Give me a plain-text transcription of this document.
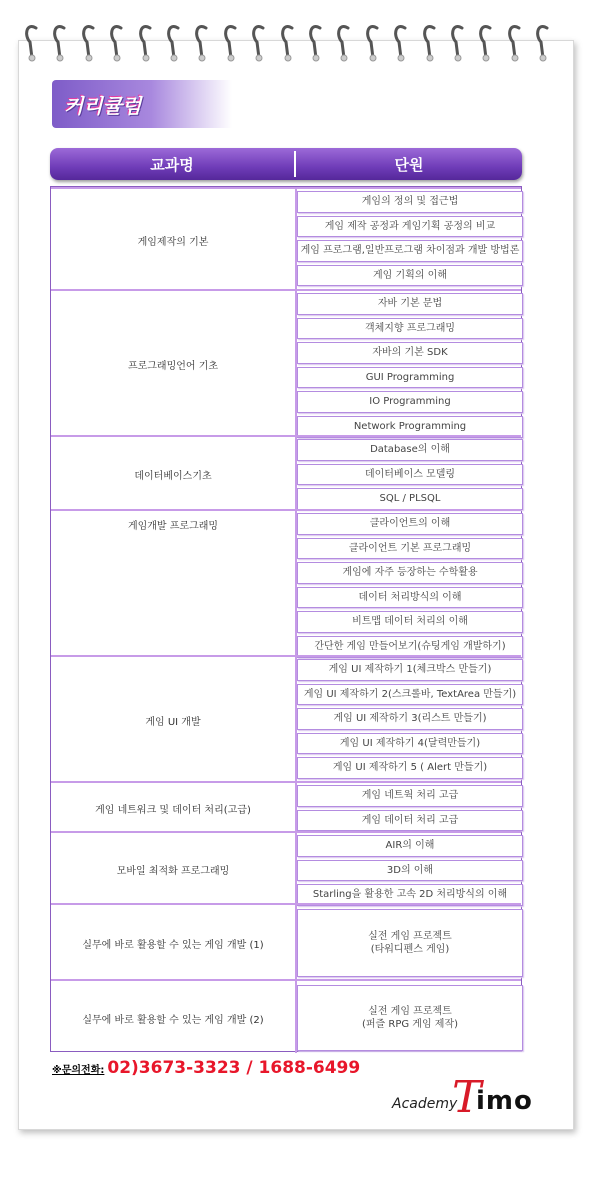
커리큘럼
교과명	단원
게임제작의 기본
게임의 정의 및 접근법
게임 제작 공정과 게임기획 공정의 비교
게임 프로그램,일반프로그램 차이점과 개발 방법론
게임 기획의 이해
프로그래밍언어 기초
자바 기본 문법
객체지향 프로그래밍
자바의 기본 SDK
GUI Programming
IO Programming
Network Programming
데이터베이스기초
Database의 이해
데이터베이스 모델링
SQL / PLSQL
게임개발 프로그래밍	클라이언트의 이해
클라이언트 기본 프로그래밍
게임에 자주 등장하는 수학활용
데이터 처리방식의 이해
비트맵 데이터 처리의 이해
간단한 게임 만들어보기(슈팅게임 개발하기)
게임 UI 개발
게임 UI 제작하기 1(체크박스 만들기)
게임 UI 제작하기 2(스크롤바, TextArea 만들기)
게임 UI 제작하기 3(리스트 만들기)
게임 UI 제작하기 4(달력만들기)
게임 UI 제작하기 5 ( Alert 만들기)
게임 네트워크 및 데이터 처리(고급)
게임 네트웍 처리 고급
게임 데이터 처리 고급
모바일 최적화 프로그래밍
AIR의 이해
3D의 이해
Starling을 활용한 고속 2D 처리방식의 이해
실무에 바로 활용할 수 있는 게임 개발 (1)
실전 게임 프로젝트
(타워디펜스 게임)
실무에 바로 활용할 수 있는 게임 개발 (2)
실전 게임 프로젝트
(퍼즐 RPG 게임 제작)
※문의전화: 02)3673-3323 / 1688-6499
Academy
T
imo
